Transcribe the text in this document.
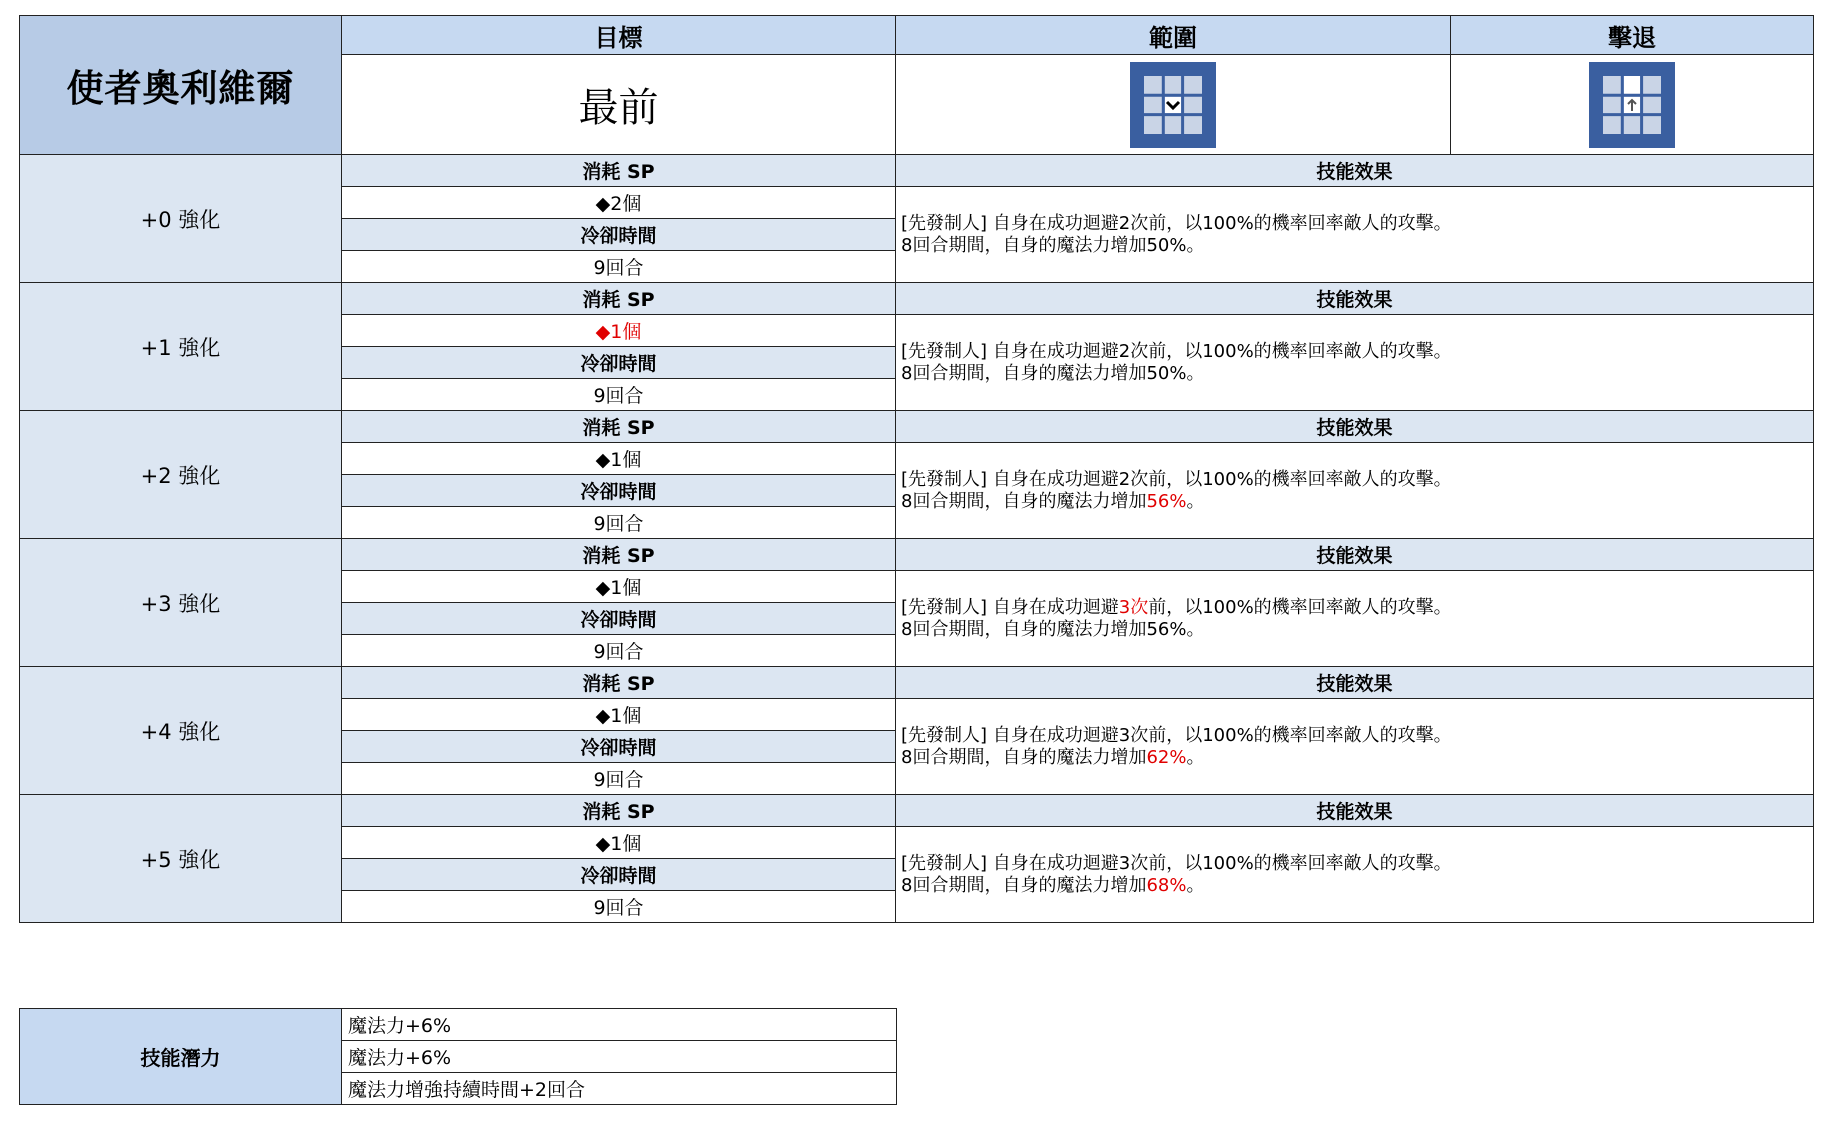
使者奧利維爾	目標	範圍	擊退
	最前		
+0 強化	消耗 SP	技能效果	
	◆2個	[先發制人] 自身在成功迴避2次前，以100%的機率回率敵人的攻擊。
8回合期間，自身的魔法力增加50%。	
	冷卻時間		
	9回合		
+1 強化	消耗 SP	技能效果	
	◆1個	[先發制人] 自身在成功迴避2次前，以100%的機率回率敵人的攻擊。
8回合期間，自身的魔法力增加50%。	
	冷卻時間		
	9回合		
+2 強化	消耗 SP	技能效果	
	◆1個	[先發制人] 自身在成功迴避2次前，以100%的機率回率敵人的攻擊。
8回合期間，自身的魔法力增加56%。	
	冷卻時間		
	9回合		
+3 強化	消耗 SP	技能效果	
	◆1個	[先發制人] 自身在成功迴避3次前，以100%的機率回率敵人的攻擊。
8回合期間，自身的魔法力增加56%。	
	冷卻時間		
	9回合		
+4 強化	消耗 SP	技能效果	
	◆1個	[先發制人] 自身在成功迴避3次前，以100%的機率回率敵人的攻擊。
8回合期間，自身的魔法力增加62%。	
	冷卻時間		
	9回合		
+5 強化	消耗 SP	技能效果	
	◆1個	[先發制人] 自身在成功迴避3次前，以100%的機率回率敵人的攻擊。
8回合期間，自身的魔法力增加68%。	
	冷卻時間		
	9回合		
技能潛力	魔法力+6%
魔法力+6%
魔法力增強持續時間+2回合
